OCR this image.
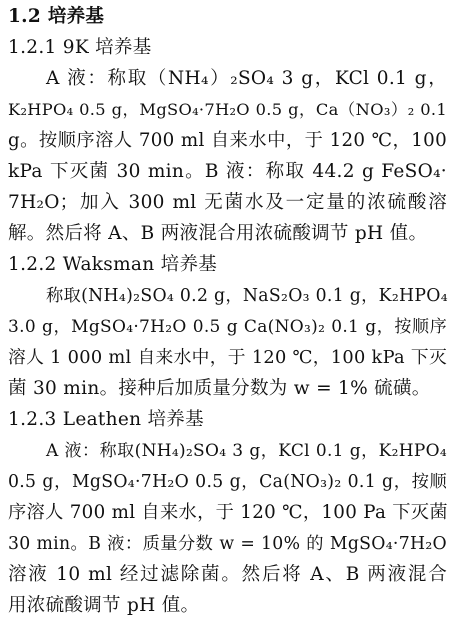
1.2 培养基
1.2.1 9K 培养基
A 液：称取（NH₄）₂SO₄ 3 g，KCl 0.1 g，
K₂HPO₄ 0.5 g，MgSO₄·7H₂O 0.5 g，Ca（NO₃）₂ 0.1
g。按顺序溶人 700 ml 自来水中，于 120 ℃，100
kPa 下灭菌 30 min。B 液：称取 44.2 g FeSO₄·
7H₂O；加入 300 ml 无菌水及一定量的浓硫酸溶
解。然后将 A、B 两液混合用浓硫酸调节 pH 值。
1.2.2 Waksman 培养基
称取(NH₄)₂SO₄ 0.2 g，NaS₂O₃ 0.1 g，K₂HPO₄
3.0 g，MgSO₄·7H₂O 0.5 g Ca(NO₃)₂ 0.1 g，按顺序
溶人 1 000 ml 自来水中，于 120 ℃，100 kPa 下灭
菌 30 min。接种后加质量分数为 w = 1% 硫磺。
1.2.3 Leathen 培养基
A 液：称取(NH₄)₂SO₄ 3 g，KCl 0.1 g，K₂HPO₄
0.5 g，MgSO₄·7H₂O 0.5 g，Ca(NO₃)₂ 0.1 g，按顺
序溶人 700 ml 自来水，于 120 ℃，100 Pa 下灭菌
30 min。B 液：质量分数 w = 10% 的 MgSO₄·7H₂O
溶液 10 ml 经过滤除菌。然后将 A、B 两液混合
用浓硫酸调节 pH 值。
